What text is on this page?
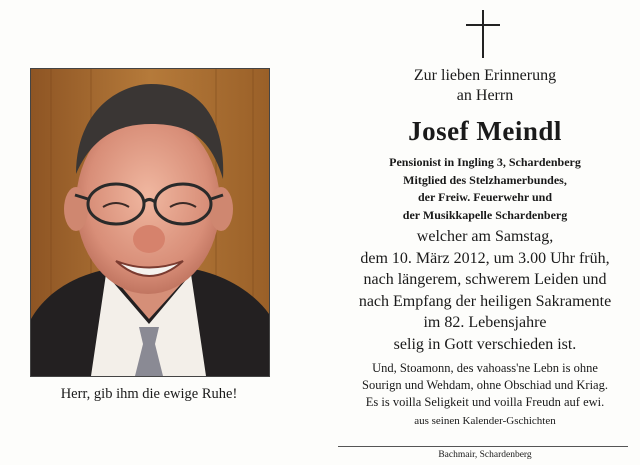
Herr, gib ihm die ewige Ruhe!
Zur lieben Erinnerung
an Herrn
Josef Meindl
Pensionist in Ingling 3, Schardenberg
Mitglied des Stelzhamerbundes,
der Freiw. Feuerwehr und
der Musikkapelle Schardenberg
welcher am Samstag,
dem 10. März 2012, um 3.00 Uhr früh,
nach längerem, schwerem Leiden und
nach Empfang der heiligen Sakramente
im 82. Lebensjahre
selig in Gott verschieden ist.
Und, Stoamonn, des vahoass'ne Lebn is ohne
Sourign und Wehdam, ohne Obschiad und Kriag.
Es is voilla Seligkeit und voilla Freudn auf ewi.
aus seinen Kalender-Gschichten
Bachmair, Schardenberg
